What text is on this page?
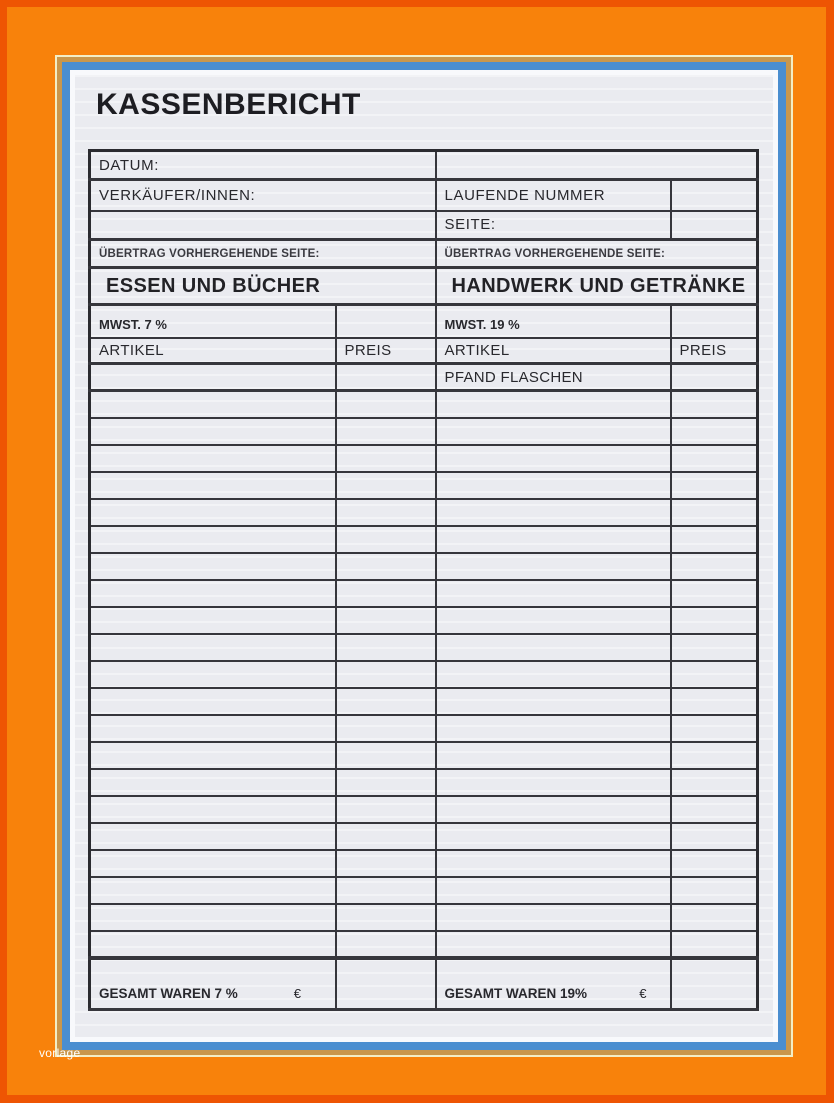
KASSENBERICHT
DATUM:			
VERKÄUFER/INNEN:		LAUFENDE NUMMER	
		SEITE:	
ÜBERTRAG VORHERGEHENDE SEITE:		ÜBERTRAG VORHERGEHENDE SEITE:	
ESSEN UND BÜCHER		HANDWERK UND GETRÄNKE	
MWST. 7 %		MWST. 19 %	
ARTIKEL	PREIS	ARTIKEL	PREIS
		PFAND FLASCHEN	

GESAMT WAREN 7 % €		GESAMT WAREN 19% €	

vorlage
